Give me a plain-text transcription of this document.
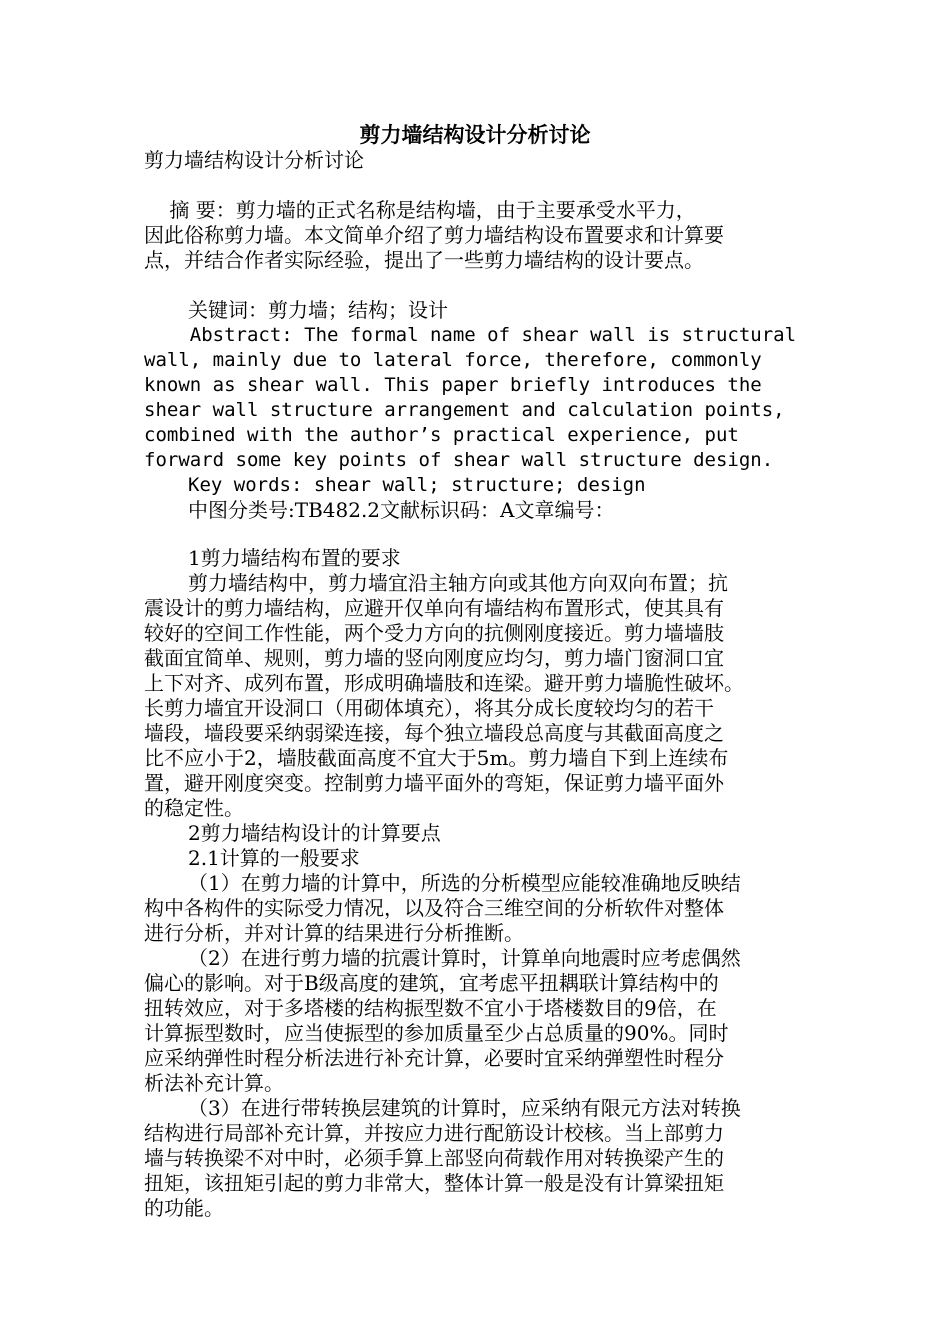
剪力墙结构设计分析讨论
剪力墙结构设计分析讨论
摘 要：剪力墙的正式名称是结构墙，由于主要承受水平力，
因此俗称剪力墙。本文简单介绍了剪力墙结构设布置要求和计算要
点，并结合作者实际经验，提出了一些剪力墙结构的设计要点。
关键词：剪力墙；结构；设计
Abstract: The formal name of shear wall is structural
wall, mainly due to lateral force, therefore, commonly
known as shear wall. This paper briefly introduces the
shear wall structure arrangement and calculation points,
combined with the author’s practical experience, put
forward some key points of shear wall structure design.
Key words: shear wall; structure; design
中图分类号:TB482.2文献标识码：A文章编号：
1剪力墙结构布置的要求
剪力墙结构中，剪力墙宜沿主轴方向或其他方向双向布置；抗
震设计的剪力墙结构，应避开仅单向有墙结构布置形式，使其具有
较好的空间工作性能，两个受力方向的抗侧刚度接近。剪力墙墙肢
截面宜简单、规则，剪力墙的竖向刚度应均匀，剪力墙门窗洞口宜
上下对齐、成列布置，形成明确墙肢和连梁。避开剪力墙脆性破坏。
长剪力墙宜开设洞口（用砌体填充），将其分成长度较均匀的若干
墙段，墙段要采纳弱梁连接，每个独立墙段总高度与其截面高度之
比不应小于2，墙肢截面高度不宜大于5m。剪力墙自下到上连续布
置，避开刚度突变。控制剪力墙平面外的弯矩，保证剪力墙平面外
的稳定性。
2剪力墙结构设计的计算要点
2.1计算的一般要求
（1）在剪力墙的计算中，所选的分析模型应能较准确地反映结
构中各构件的实际受力情况，以及符合三维空间的分析软件对整体
进行分析，并对计算的结果进行分析推断。
（2）在进行剪力墙的抗震计算时，计算单向地震时应考虑偶然
偏心的影响。对于B级高度的建筑，宜考虑平扭耦联计算结构中的
扭转效应，对于多塔楼的结构振型数不宜小于塔楼数目的9倍，在
计算振型数时，应当使振型的参加质量至少占总质量的90%。同时
应采纳弹性时程分析法进行补充计算，必要时宜采纳弹塑性时程分
析法补充计算。
（3）在进行带转换层建筑的计算时，应采纳有限元方法对转换
结构进行局部补充计算，并按应力进行配筋设计校核。当上部剪力
墙与转换梁不对中时，必须手算上部竖向荷载作用对转换梁产生的
扭矩，该扭矩引起的剪力非常大，整体计算一般是没有计算梁扭矩
的功能。
